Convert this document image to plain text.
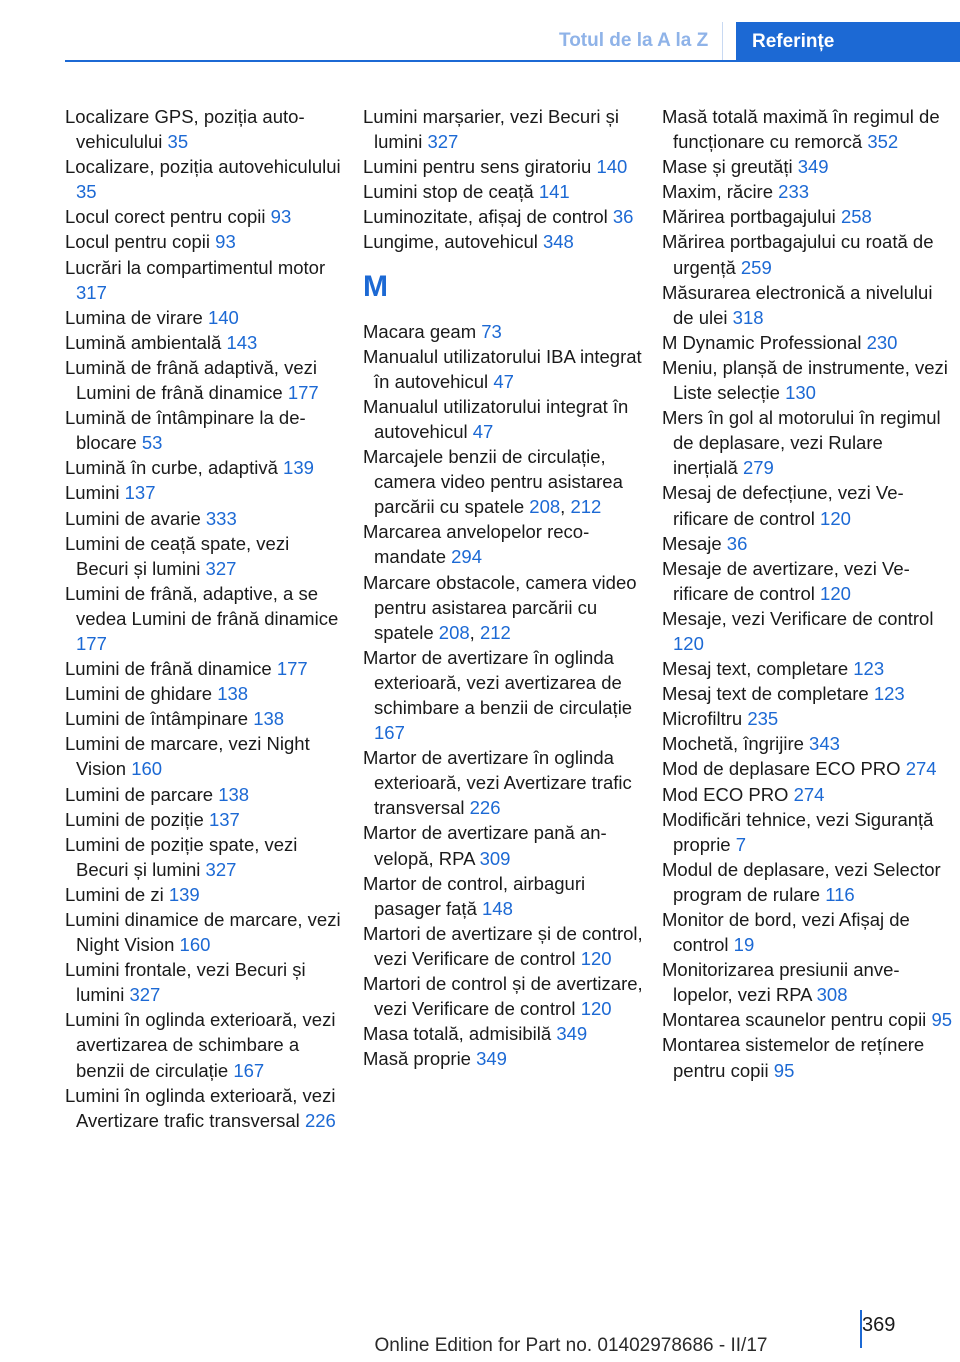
Totul de la A la Z	Referințe
Localizare GPS, poziția autovehiculului 35
Localizare, poziția autovehiculului 35
Locul corect pentru copii 93
Locul pentru copii 93
Lucrări la compartimentul motor 317
Lumina de virare 140
Lumină ambientală 143
Lumină de frână adaptivă, vezi Lumini de frână dinamice 177
Lumină de întâmpinare la deblocare 53
Lumină în curbe, adaptivă 139
Lumini 137
Lumini de avarie 333
Lumini de ceață spate, vezi Becuri și lumini 327
Lumini de frână, adaptive, a se vedea Lumini de frână dinamice 177
Lumini de frână dinamice 177
Lumini de ghidare 138
Lumini de întâmpinare 138
Lumini de marcare, vezi Night Vision 160
Lumini de parcare 138
Lumini de poziție 137
Lumini de poziție spate, vezi Becuri și lumini 327
Lumini de zi 139
Lumini dinamice de marcare, vezi Night Vision 160
Lumini frontale, vezi Becuri și lumini 327
Lumini în oglinda exterioară, vezi avertizarea de schimbare a benzii de circulație 167
Lumini în oglinda exterioară, vezi Avertizare trafic transversal 226
Lumini marșarier, vezi Becuri și lumini 327
Lumini pentru sens giratoriu 140
Lumini stop de ceață 141
Luminozitate, afișaj de control 36
Lungime, autovehicul 348
M
Macara geam 73
Manualul utilizatorului IBA integrat în autovehicul 47
Manualul utilizatorului integrat în autovehicul 47
Marcajele benzii de circulație, camera video pentru asistarea parcării cu spatele 208, 212
Marcarea anvelopelor recomandate 294
Marcare obstacole, camera video pentru asistarea parcării cu spatele 208, 212
Martor de avertizare în oglinda exterioară, vezi avertizarea de schimbare a benzii de circulație 167
Martor de avertizare în oglinda exterioară, vezi Avertizare trafic transversal 226
Martor de avertizare pană anvelopă, RPA 309
Martor de control, airbaguri pasager față 148
Martori de avertizare și de control, vezi Verificare de control 120
Martori de control și de avertizare, vezi Verificare de control 120
Masa totală, admisibilă 349
Masă proprie 349
Masă totală maximă în regimul de funcționare cu remorcă 352
Mase și greutăți 349
Maxim, răcire 233
Mărirea portbagajului 258
Mărirea portbagajului cu roată de urgență 259
Măsurarea electronică a nivelului de ulei 318
M Dynamic Professional 230
Meniu, planșă de instrumente, vezi Liste selecție 130
Mers în gol al motorului în regimul de deplasare, vezi Rulare inerțială 279
Mesaj de defecțiune, vezi Verificare de control 120
Mesaje 36
Mesaje de avertizare, vezi Verificare de control 120
Mesaje, vezi Verificare de control 120
Mesaj text, completare 123
Mesaj text de completare 123
Microfiltru 235
Mochetă, îngrijire 343
Mod de deplasare ECO PRO 274
Mod ECO PRO 274
Modificări tehnice, vezi Siguranță proprie 7
Modul de deplasare, vezi Selector program de rulare 116
Monitor de bord, vezi Afișaj de control 19
Monitorizarea presiunii anvelopelor, vezi RPA 308
Montarea scaunelor pentru copii 95
Montarea sistemelor de rețínere pentru copii 95
369
Online Edition for Part no. 01402978686 - II/17
